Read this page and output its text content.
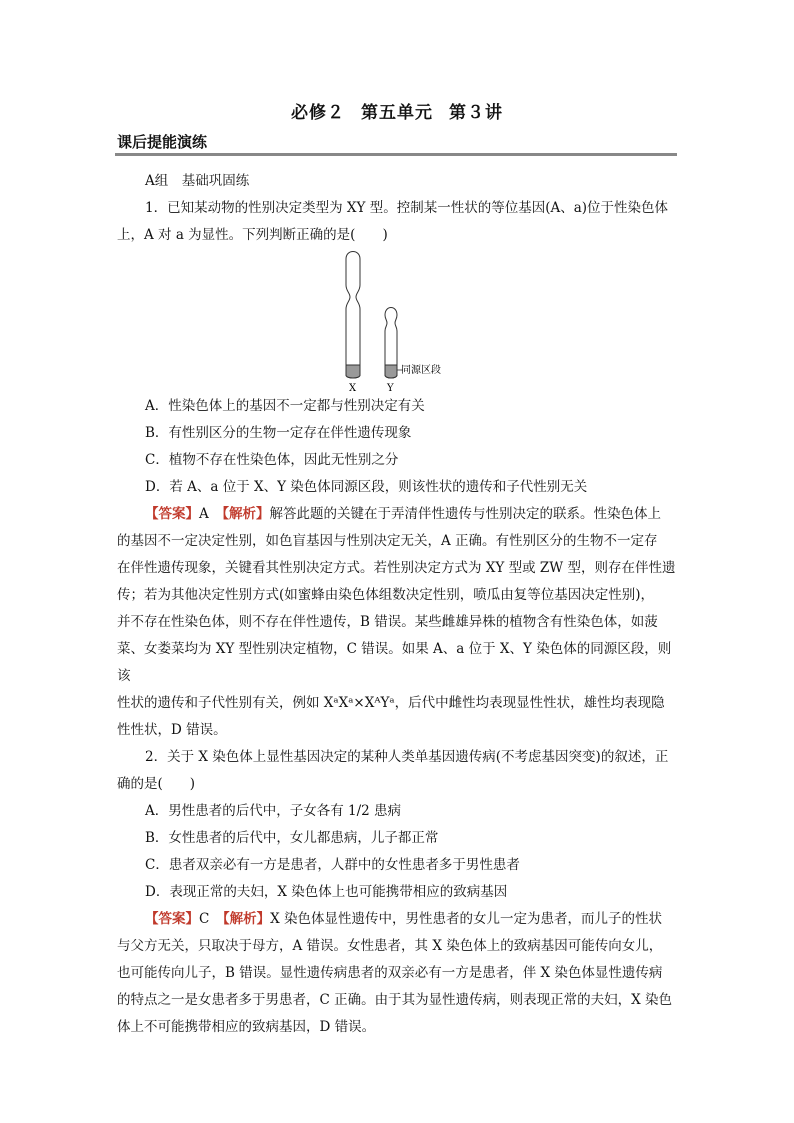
必修２ 第五单元 第３讲
课后提能演练

A组　基础巩固练

1．已知某动物的性别决定类型为 XY 型。控制某一性状的等位基因(A、a)位于性染色体

上，A 对 a 为显性。下列判断正确的是(　　)

X	Y
同源区段

A．性染色体上的基因不一定都与性别决定有关

B．有性别区分的生物一定存在伴性遗传现象

C．植物不存在性染色体，因此无性别之分

D．若 A、a 位于 X、Y 染色体同源区段，则该性状的遗传和子代性别无关

【答案】A　【解析】解答此题的关键在于弄清伴性遗传与性别决定的联系。性染色体上

的基因不一定决定性别，如色盲基因与性别决定无关，A 正确。有性别区分的生物不一定存

在伴性遗传现象，关键看其性别决定方式。若性别决定方式为 XY 型或 ZW 型，则存在伴性遗

传；若为其他决定性别方式(如蜜蜂由染色体组数决定性别，喷瓜由复等位基因决定性别)，

并不存在性染色体，则不存在伴性遗传，B 错误。某些雌雄异株的植物含有性染色体，如菠

菜、女娄菜均为 XY 型性别决定植物，C 错误。如果 A、a 位于 X、Y 染色体的同源区段，则该

性状的遗传和子代性别有关，例如 XᵃXᵃ×XᴬYᵃ，后代中雌性均表现显性性状，雄性均表现隐

性性状，D 错误。

2．关于 X 染色体上显性基因决定的某种人类单基因遗传病(不考虑基因突变)的叙述，正

确的是(　　)

A．男性患者的后代中，子女各有 1/2 患病

B．女性患者的后代中，女儿都患病，儿子都正常

C．患者双亲必有一方是患者，人群中的女性患者多于男性患者

D．表现正常的夫妇，X 染色体上也可能携带相应的致病基因

【答案】C　【解析】X 染色体显性遗传中，男性患者的女儿一定为患者，而儿子的性状

与父方无关，只取决于母方，A 错误。女性患者，其 X 染色体上的致病基因可能传向女儿，

也可能传向儿子，B 错误。显性遗传病患者的双亲必有一方是患者，伴 X 染色体显性遗传病

的特点之一是女患者多于男患者，C 正确。由于其为显性遗传病，则表现正常的夫妇，X 染色

体上不可能携带相应的致病基因，D 错误。
